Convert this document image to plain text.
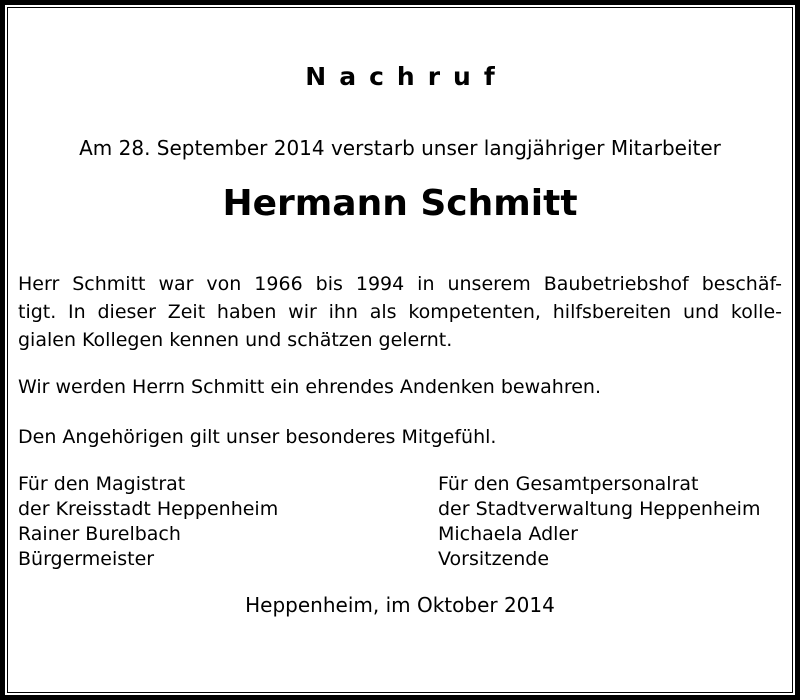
Nachruf

Am 28. September 2014 verstarb unser langjähriger Mitarbeiter

Hermann Schmitt
Herr Schmitt war von 1966 bis 1994 in unserem Baubetriebshof beschäf-
tigt. In dieser Zeit haben wir ihn als kompetenten, hilfsbereiten und kolle-
gialen Kollegen kennen und schätzen gelernt.

Wir werden Herrn Schmitt ein ehrendes Andenken bewahren.

Den Angehörigen gilt unser besonderes Mitgefühl.

Für den Magistrat
der Kreisstadt Heppenheim
Rainer Burelbach
Bürgermeister
Für den Gesamtpersonalrat
der Stadtverwaltung Heppenheim
Michaela Adler
Vorsitzende

Heppenheim, im Oktober 2014
